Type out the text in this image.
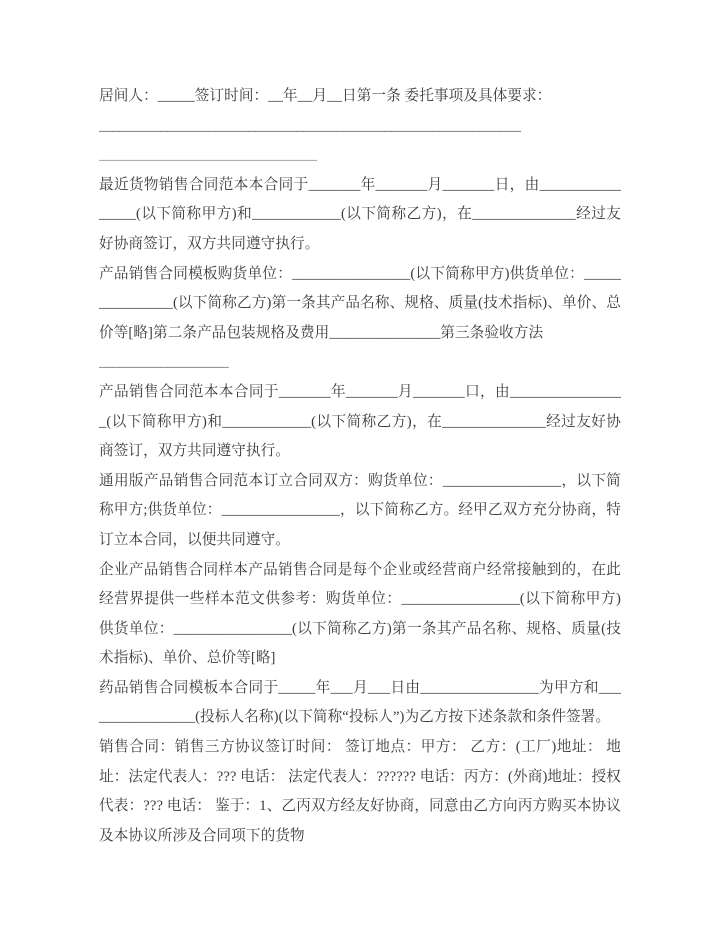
居间人：_____签订时间：__年__月__日第一条 委托事项及具体要求：

______________________________________________________________
________________________________

最近货物销售合同范本本合同于_______年_______月_______日，由________________(以下简称甲方)和____________(以下简称乙方)，在______________经过友好协商签订，双方共同遵守执行。

产品销售合同模板购货单位：________________(以下简称甲方)供货单位：_______________(以下简称乙方)第一条其产品名称、规格、质量(技术指标)、单价、总价等[略]第二条产品包装规格及费用_______________第三条验收方法

___________________

产品销售合同范本本合同于_______年_______月_______口，由________________(以下简称甲方)和____________(以下简称乙方)，在______________经过友好协商签订，双方共同遵守执行。

通用版产品销售合同范本订立合同双方：购货单位：________________，以下简称甲方;供货单位：________________，以下简称乙方。经甲乙双方充分协商，特订立本合同，以便共同遵守。

企业产品销售合同样本产品销售合同是每个企业或经营商户经常接触到的，在此经营界提供一些样本范文供参考：购货单位：________________(以下简称甲方)供货单位：________________(以下简称乙方)第一条其产品名称、规格、质量(技术指标)、单价、总价等[略]

药品销售合同模板本合同于_____年___月___日由________________为甲方和________________(投标人名称)(以下简称“投标人”)为乙方按下述条款和条件签署。

销售合同：销售三方协议签订时间： 签订地点：甲方： 乙方：(工厂)地址： 地址：法定代表人：??? 电话： 法定代表人：?????? 电话：丙方：(外商)地址：授权代表：??? 电话： 鉴于：1、乙丙双方经友好协商，同意由乙方向丙方购买本协议及本协议所涉及合同项下的货物
